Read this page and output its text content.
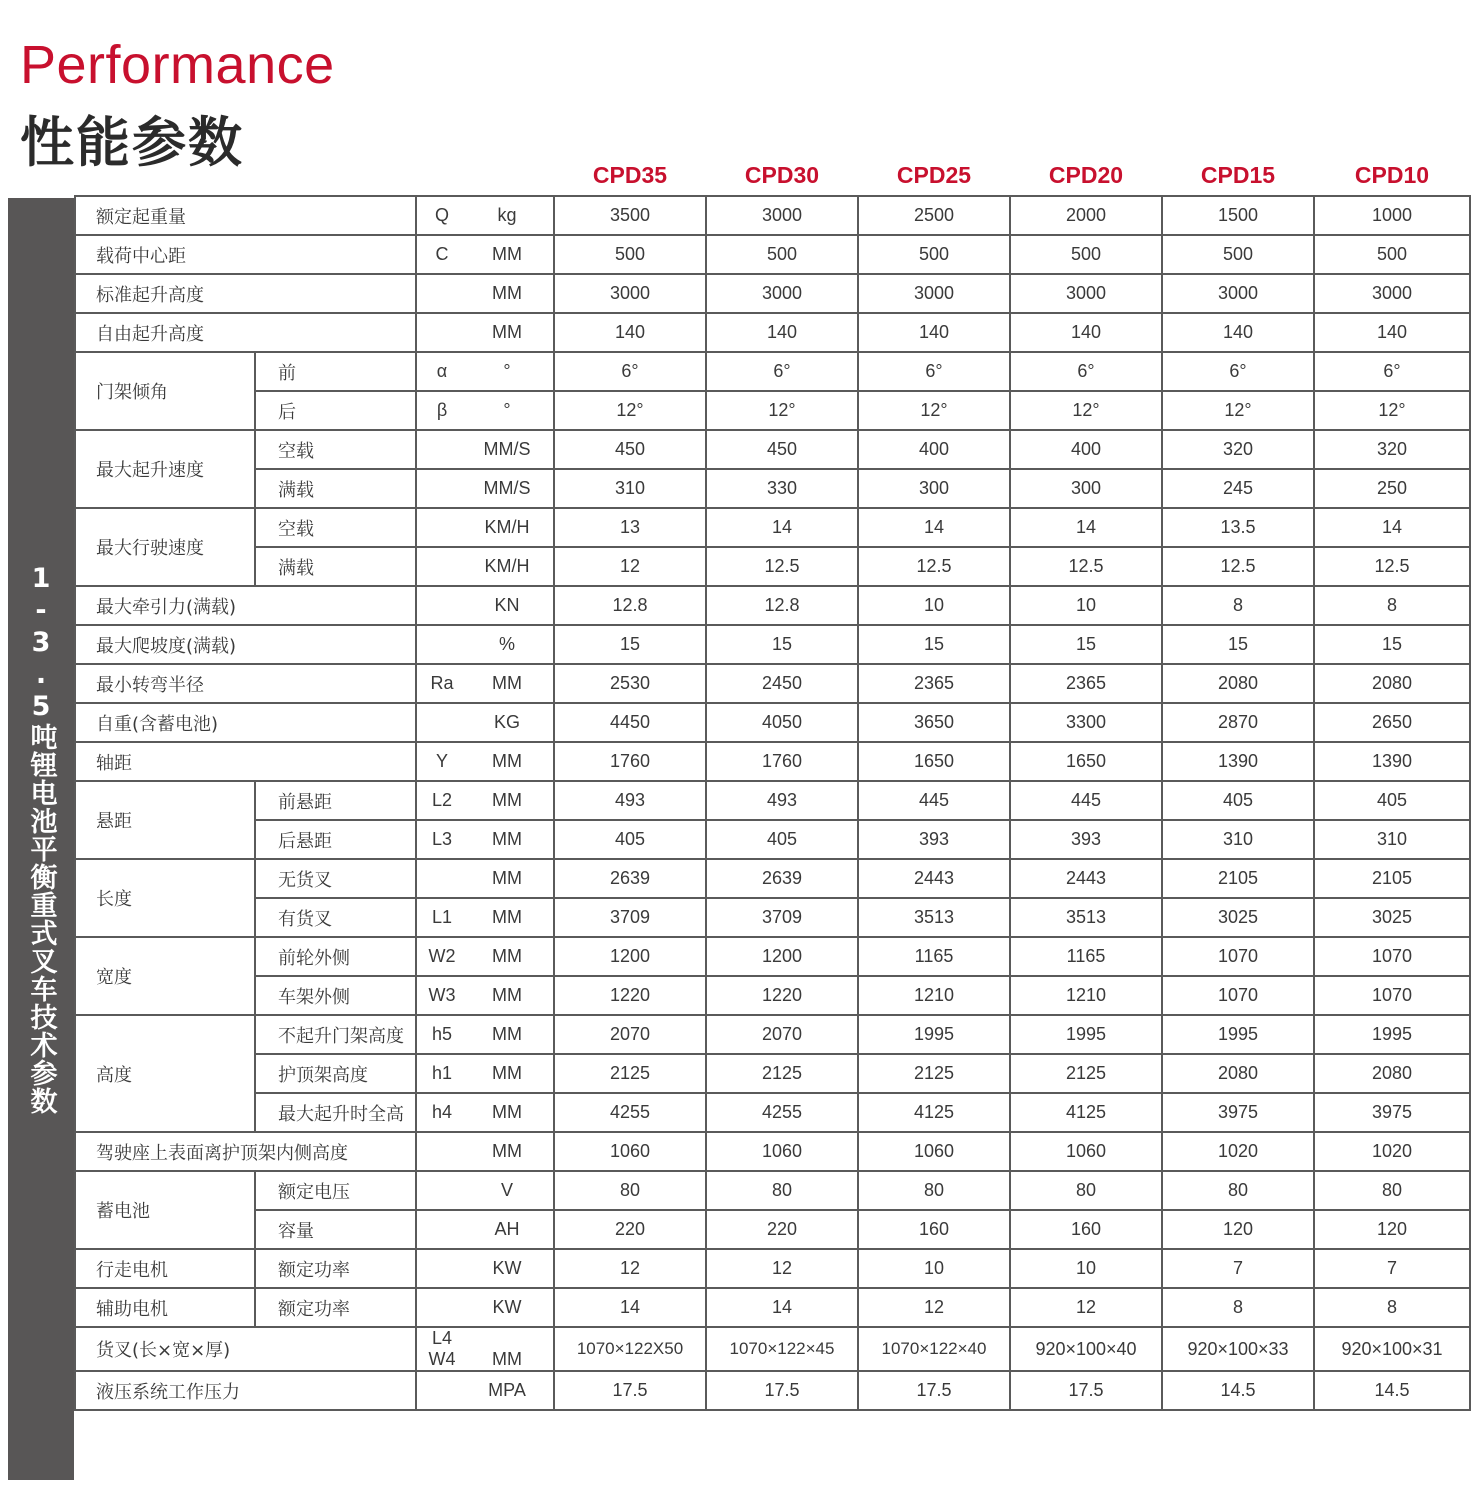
Performance
性能参数
1-3.5吨锂电池平衡重式叉车技术参数
			CPD35	CPD30	CPD25	CPD20	CPD15	CPD10
额定起重量		Q kg	3500	3000	2500	2000	1500	1000
载荷中心距		C MM	500	500	500	500	500	500
标准起升高度		MM	3000	3000	3000	3000	3000	3000
自由起升高度		MM	140	140	140	140	140	140
门架倾角	前	α °	6°	6°	6°	6°	6°	6°
	后	β °	12°	12°	12°	12°	12°	12°
最大起升速度	空载	MM/S	450	450	400	400	320	320
	满载	MM/S	310	330	300	300	245	250
最大行驶速度	空载	KM/H	13	14	14	14	13.5	14
	满载	KM/H	12	12.5	12.5	12.5	12.5	12.5
最大牵引力(满载)		KN	12.8	12.8	10	10	8	8
最大爬坡度(满载)		%	15	15	15	15	15	15
最小转弯半径		Ra MM	2530	2450	2365	2365	2080	2080
自重(含蓄电池)		KG	4450	4050	3650	3300	2870	2650
轴距		Y MM	1760	1760	1650	1650	1390	1390
悬距	前悬距	L2 MM	493	493	445	445	405	405
	后悬距	L3 MM	405	405	393	393	310	310
长度	无货叉	MM	2639	2639	2443	2443	2105	2105
	有货叉	L1 MM	3709	3709	3513	3513	3025	3025
宽度	前轮外侧	W2 MM	1200	1200	1165	1165	1070	1070
	车架外侧	W3 MM	1220	1220	1210	1210	1070	1070
高度	不起升门架高度	h5 MM	2070	2070	1995	1995	1995	1995
	护顶架高度	h1 MM	2125	2125	2125	2125	2080	2080
	最大起升时全高	h4 MM	4255	4255	4125	4125	3975	3975
驾驶座上表面离护顶架内侧高度		MM	1060	1060	1060	1060	1020	1020
蓄电池	额定电压	V	80	80	80	80	80	80
	容量	AH	220	220	160	160	120	120
行走电机	额定功率	KW	12	12	10	10	7	7
辅助电机	额定功率	KW	14	14	12	12	8	8
货叉(长×宽×厚)		L4 W4 MM	1070×122X50	1070×122×45	1070×122×40	920×100×40	920×100×33	920×100×31
液压系统工作压力		MPA	17.5	17.5	17.5	17.5	14.5	14.5
